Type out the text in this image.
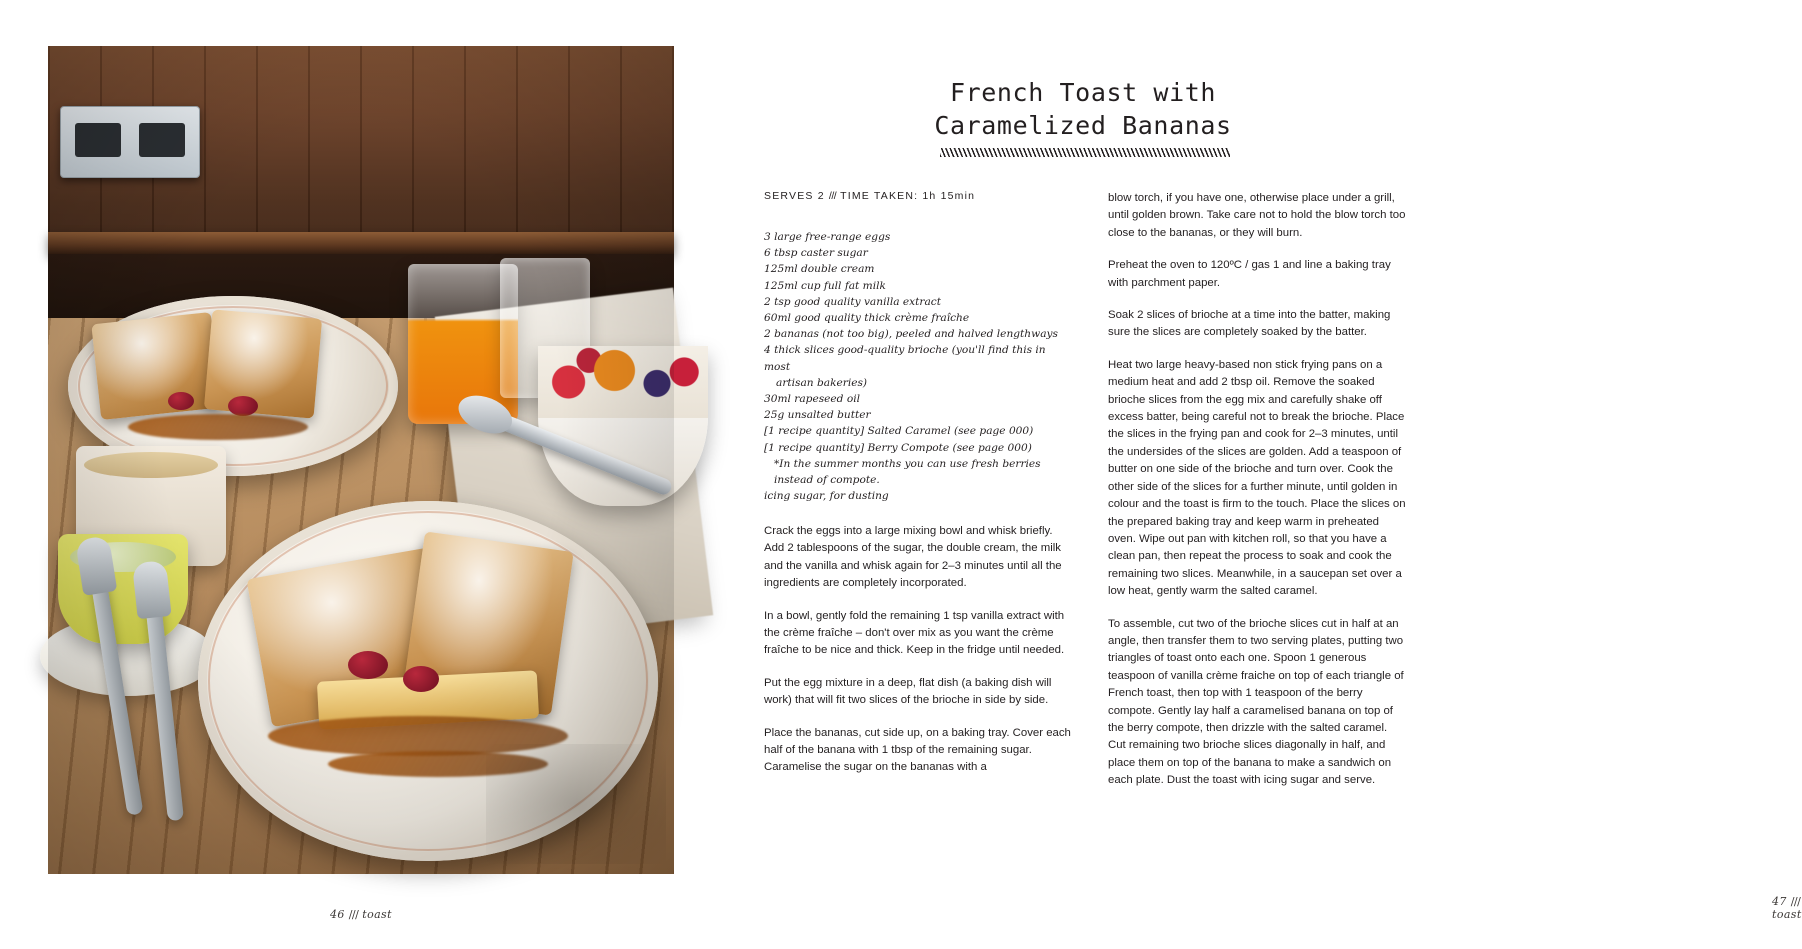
46 /// toast
French Toast with
Caramelized Bananas
SERVES 2 /// TIME TAKEN: 1h 15min
3 large free-range eggs
6 tbsp caster sugar
125ml double cream
125ml cup full fat milk
2 tsp good quality vanilla extract
60ml good quality thick crème fraîche
2 bananas (not too big), peeled and halved lengthways
4 thick slices good-quality brioche (you'll find this in most
artisan bakeries)
30ml rapeseed oil
25g unsalted butter
[1 recipe quantity] Salted Caramel (see page 000)
[1 recipe quantity] Berry Compote (see page 000)
*In the summer months you can use fresh berries
instead of compote.
icing sugar, for dusting

Crack the eggs into a large mixing bowl and whisk briefly. Add 2 tablespoons of the sugar, the double cream, the milk and the vanilla and whisk again for 2–3 minutes until all the ingredients are completely incorporated.

In a bowl, gently fold the remaining 1 tsp vanilla extract with the crème fraîche – don't over mix as you want the crème fraîche to be nice and thick. Keep in the fridge until needed.

Put the egg mixture in a deep, flat dish (a baking dish will work) that will fit two slices of the brioche in side by side.

Place the bananas, cut side up, on a baking tray. Cover each half of the banana with 1 tbsp of the remaining sugar. Caramelise the sugar on the bananas with a

blow torch, if you have one, otherwise place under a grill, until golden brown. Take care not to hold the blow torch too close to the bananas, or they will burn.

Preheat the oven to 120ºC / gas 1 and line a baking tray with parchment paper.

Soak 2 slices of brioche at a time into the batter, making sure the slices are completely soaked by the batter.

Heat two large heavy-based non stick frying pans on a medium heat and add 2 tbsp oil. Remove the soaked brioche slices from the egg mix and carefully shake off excess batter, being careful not to break the brioche. Place the slices in the frying pan and cook for 2–3 minutes, until the undersides of the slices are golden. Add a teaspoon of butter on one side of the brioche and turn over. Cook the other side of the slices for a further minute, until golden in colour and the toast is firm to the touch. Place the slices on the prepared baking tray and keep warm in preheated oven. Wipe out pan with kitchen roll, so that you have a clean pan, then repeat the process to soak and cook the remaining two slices. Meanwhile, in a saucepan set over a low heat, gently warm the salted caramel.

To assemble, cut two of the brioche slices cut in half at an angle, then transfer them to two serving plates, putting two triangles of toast onto each one. Spoon 1 generous teaspoon of vanilla crème fraiche on top of each triangle of French toast, then top with 1 teaspoon of the berry compote. Gently lay half a caramelised banana on top of the berry compote, then drizzle with the salted caramel. Cut remaining two brioche slices diagonally in half, and place them on top of the banana to make a sandwich on each plate. Dust the toast with icing sugar and serve.

47 /// toast
